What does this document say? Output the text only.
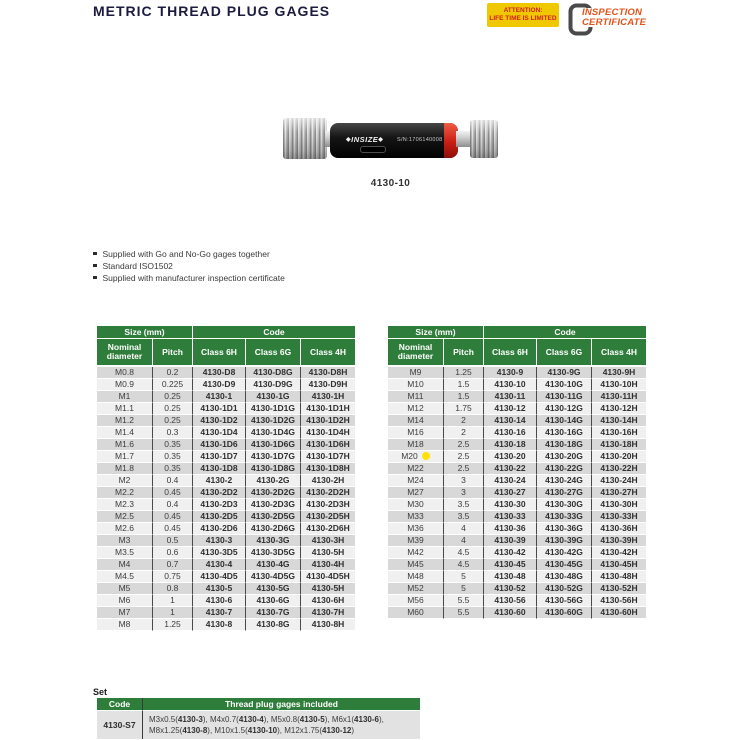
METRIC THREAD PLUG GAGES	ATTENTION:
LIFE TIME IS LIMITED
INSPECTION
CERTIFICATE
◆INSIZE◆ S/N:1706140008
4130-10
Supplied with Go and No-Go gages together
Standard ISO1502
Supplied with manufacturer inspection certificate
Size (mm)		Code		
Nominal diameter	Pitch	Class 6H	Class 6G	Class 4H
M0.8	0.2	4130-D8	4130-D8G	4130-D8H
M0.9	0.225	4130-D9	4130-D9G	4130-D9H
M1	0.25	4130-1	4130-1G	4130-1H
M1.1	0.25	4130-1D1	4130-1D1G	4130-1D1H
M1.2	0.25	4130-1D2	4130-1D2G	4130-1D2H
M1.4	0.3	4130-1D4	4130-1D4G	4130-1D4H
M1.6	0.35	4130-1D6	4130-1D6G	4130-1D6H
M1.7	0.35	4130-1D7	4130-1D7G	4130-1D7H
M1.8	0.35	4130-1D8	4130-1D8G	4130-1D8H
M2	0.4	4130-2	4130-2G	4130-2H
M2.2	0.45	4130-2D2	4130-2D2G	4130-2D2H
M2.3	0.4	4130-2D3	4130-2D3G	4130-2D3H
M2.5	0.45	4130-2D5	4130-2D5G	4130-2D5H
M2.6	0.45	4130-2D6	4130-2D6G	4130-2D6H
M3	0.5	4130-3	4130-3G	4130-3H
M3.5	0.6	4130-3D5	4130-3D5G	4130-5H
M4	0.7	4130-4	4130-4G	4130-4H
M4.5	0.75	4130-4D5	4130-4D5G	4130-4D5H
M5	0.8	4130-5	4130-5G	4130-5H
M6	1	4130-6	4130-6G	4130-6H
M7	1	4130-7	4130-7G	4130-7H
M8	1.25	4130-8	4130-8G	4130-8H
Size (mm)		Code		
Nominal diameter	Pitch	Class 6H	Class 6G	Class 4H
M9	1.25	4130-9	4130-9G	4130-9H
M10	1.5	4130-10	4130-10G	4130-10H
M11	1.5	4130-11	4130-11G	4130-11H
M12	1.75	4130-12	4130-12G	4130-12H
M14	2	4130-14	4130-14G	4130-14H
M16	2	4130-16	4130-16G	4130-16H
M18	2.5	4130-18	4130-18G	4130-18H
M20	2.5	4130-20	4130-20G	4130-20H
M22	2.5	4130-22	4130-22G	4130-22H
M24	3	4130-24	4130-24G	4130-24H
M27	3	4130-27	4130-27G	4130-27H
M30	3.5	4130-30	4130-30G	4130-30H
M33	3.5	4130-33	4130-33G	4130-33H
M36	4	4130-36	4130-36G	4130-36H
M39	4	4130-39	4130-39G	4130-39H
M42	4.5	4130-42	4130-42G	4130-42H
M45	4.5	4130-45	4130-45G	4130-45H
M48	5	4130-48	4130-48G	4130-48H
M52	5	4130-52	4130-52G	4130-52H
M56	5.5	4130-56	4130-56G	4130-56H
M60	5.5	4130-60	4130-60G	4130-60H
Set
Code	Thread plug gages included
4130-S7	M3x0.5(4130-3), M4x0.7(4130-4), M5x0.8(4130-5), M6x1(4130-6), M8x1.25(4130-8), M10x1.5(4130-10), M12x1.75(4130-12)
